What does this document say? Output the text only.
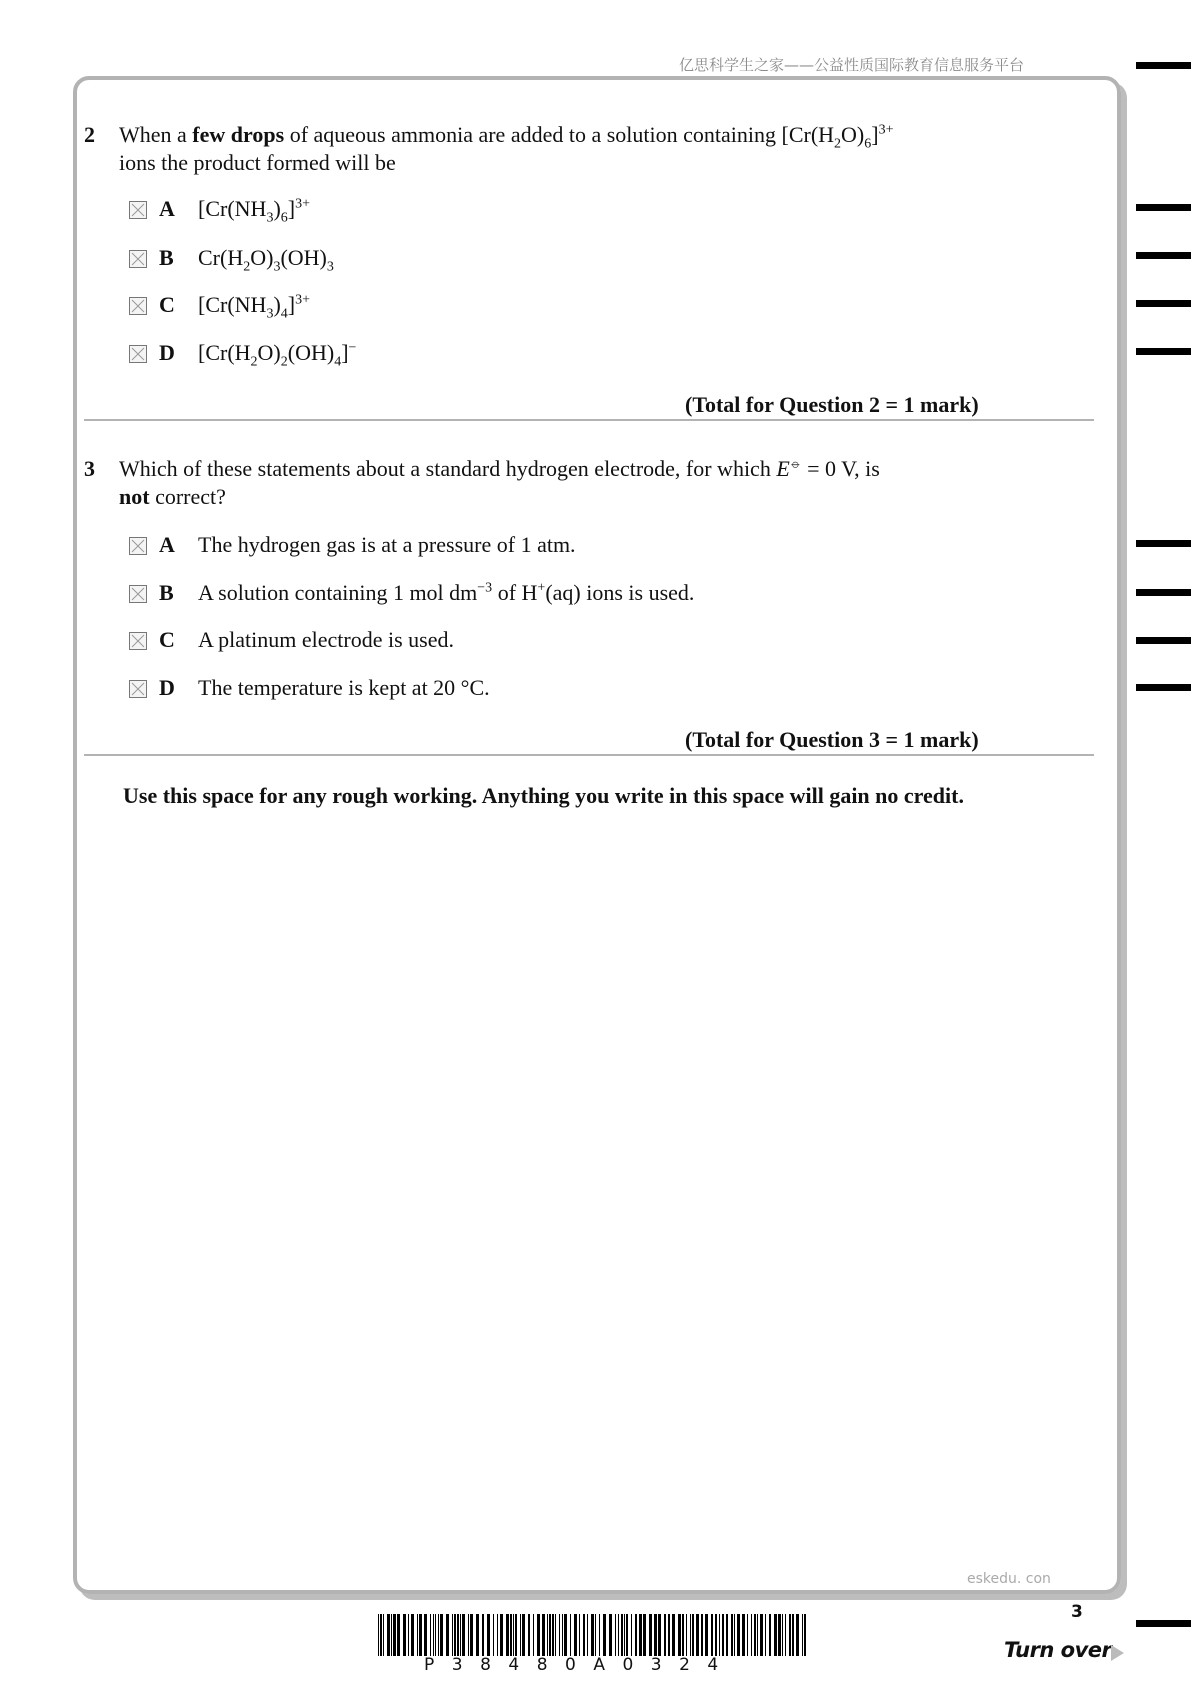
亿思科学生之家——公益性质国际教育信息服务平台
2 When a few drops of aqueous ammonia are added to a solution containing $[Cr(H_2O)_6]^{3+}$
ions the product formed will be
A $[Cr(NH_3)_6]^{3+}$
B $Cr(H_2O)_3(OH)_3$
C $[Cr(NH_3)_4]^{3+}$
D $[Cr(H_2O)_2(OH)_4]^-$
(Total for Question 2 = 1 mark)
3 Which of these statements about a standard hydrogen electrode, for which E⦵ = 0 V, is
not correct?
A The hydrogen gas is at a pressure of 1 atm.
B A solution containing 1 mol $dm^{-3}$ of H+(aq) ions is used.
C A platinum electrode is used.
D The temperature is kept at 20 °C.
(Total for Question 3 = 1 mark)
Use this space for any rough working. Anything you write in this space will gain no credit.
eskedu. con
P38480A0324
3
Turn over
